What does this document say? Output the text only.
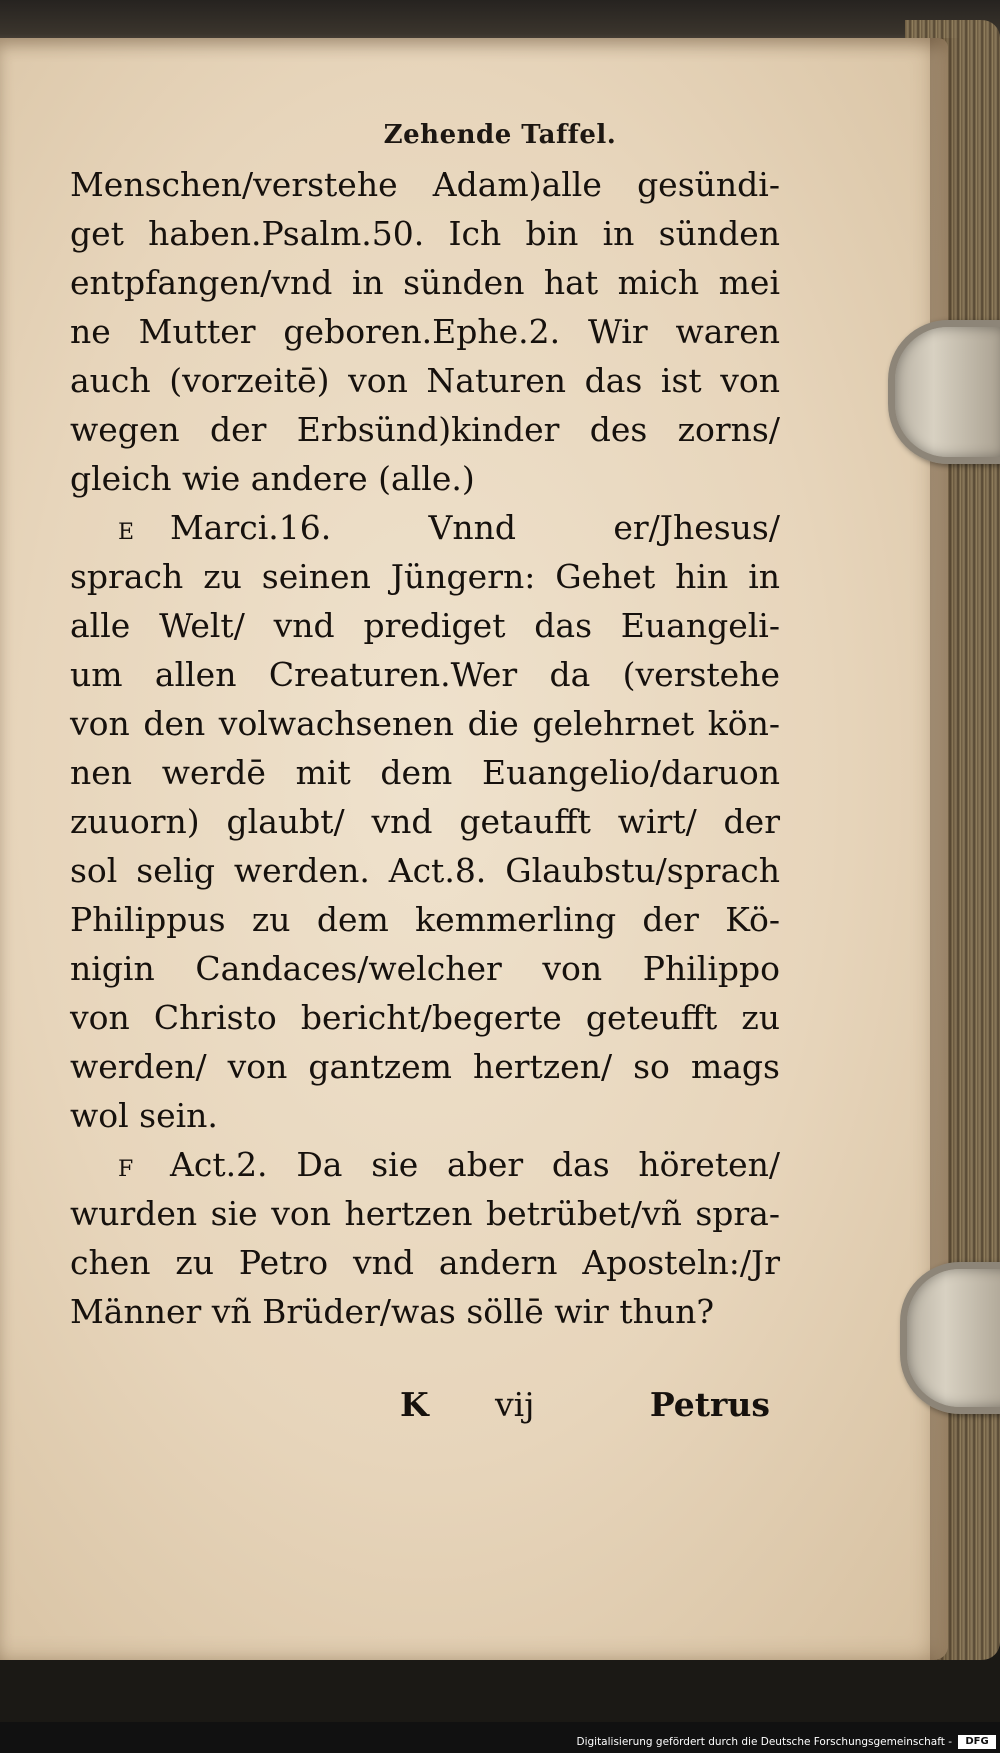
Zehende Taffel.
Menschen/verstehe Adam)alle gesündi-
get haben.Psalm.50. Ich bin in sünden
entpfangen/vnd in sünden hat mich mei
ne Mutter geboren.Ephe.2. Wir waren
auch (vorzeitē) von Naturen das ist von
wegen der Erbsünd)kinder des zorns/
gleich wie andere (alle.)
E Marci.16. Vnnd er/Jhesus/
sprach zu seinen Jüngern: Gehet hin in
alle Welt/ vnd prediget das Euangeli-
um allen Creaturen.Wer da (verstehe
von den volwachsenen die gelehrnet kön-
nen werdē mit dem Euangelio/daruon
zuuorn) glaubt/ vnd getaufft wirt/ der
sol selig werden. Act.8. Glaubstu/sprach
Philippus zu dem kemmerling der Kö-
nigin Candaces/welcher von Philippo
von Christo bericht/begerte geteufft zu
werden/ von gantzem hertzen/ so mags
wol sein.
F Act.2. Da sie aber das höreten/
wurden sie von hertzen betrübet/vñ spra-
chen zu Petro vnd andern Aposteln:/Jr
Männer vñ Brüder/was söllē wir thun?
K vij	Petrus
Digitalisierung gefördert durch die Deutsche Forschungsgemeinschaft -	DFG
